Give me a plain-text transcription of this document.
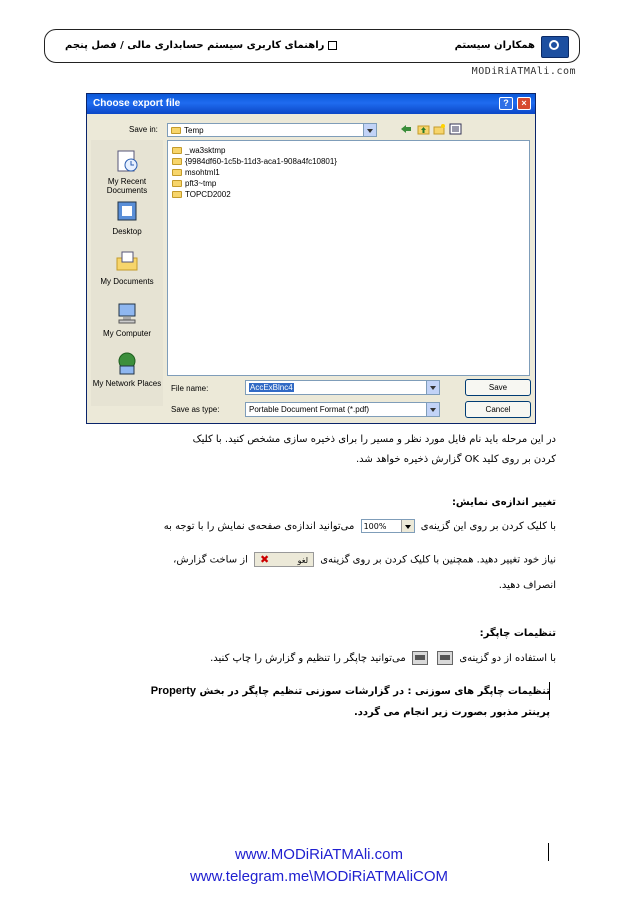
همکاران سیستم
راهنمای کاربری سیستم حسابداری مالی / فصل پنجم
MODiRiATMAli.com
Choose export file	?	×
Save in:	Temp
My Recent Documents
Desktop
My Documents
My Computer
My Network Places
_wa3sktmp
{9984df60-1c5b-11d3-aca1-908a4fc10801}
msohtml1
pft3~tmp
TOPCD2002
File name:	AccExBlnc4
Save as type:	Portable Document Format (*.pdf)
Save
Cancel
در این مرحله باید نام فایل مورد نظر و مسیر را برای ذخیره سازی مشخص کنید. با کلیک
کردن بر روی کلید OK گزارش ذخیره خواهد شد.
تغییر اندازه‌ی نمایش:
با کلیک کردن بر روی این گزینه‌ی 100%
می‌توانید اندازه‌ی صفحه‌ی نمایش را با توجه به
نیاز خود تغییر دهید. همچنین با کلیک کردن بر روی گزینه‌ی
✖	لغو
از ساخت گزارش،
انصراف دهید.
تنظیمات چاپگر:
با استفاده از دو گزینه‌ی   می‌توانید چاپگر را تنظیم و گزارش را چاپ کنید.
تنظیمات چاپگر های سوزنی : در گزارشات سوزنی تنظیم چاپگر در بخش Property
پرینتر مذبور بصورت زیر انجام می گردد.
www.MODiRiATMAli.com
www.telegram.me\MODiRiATMAliCOM
